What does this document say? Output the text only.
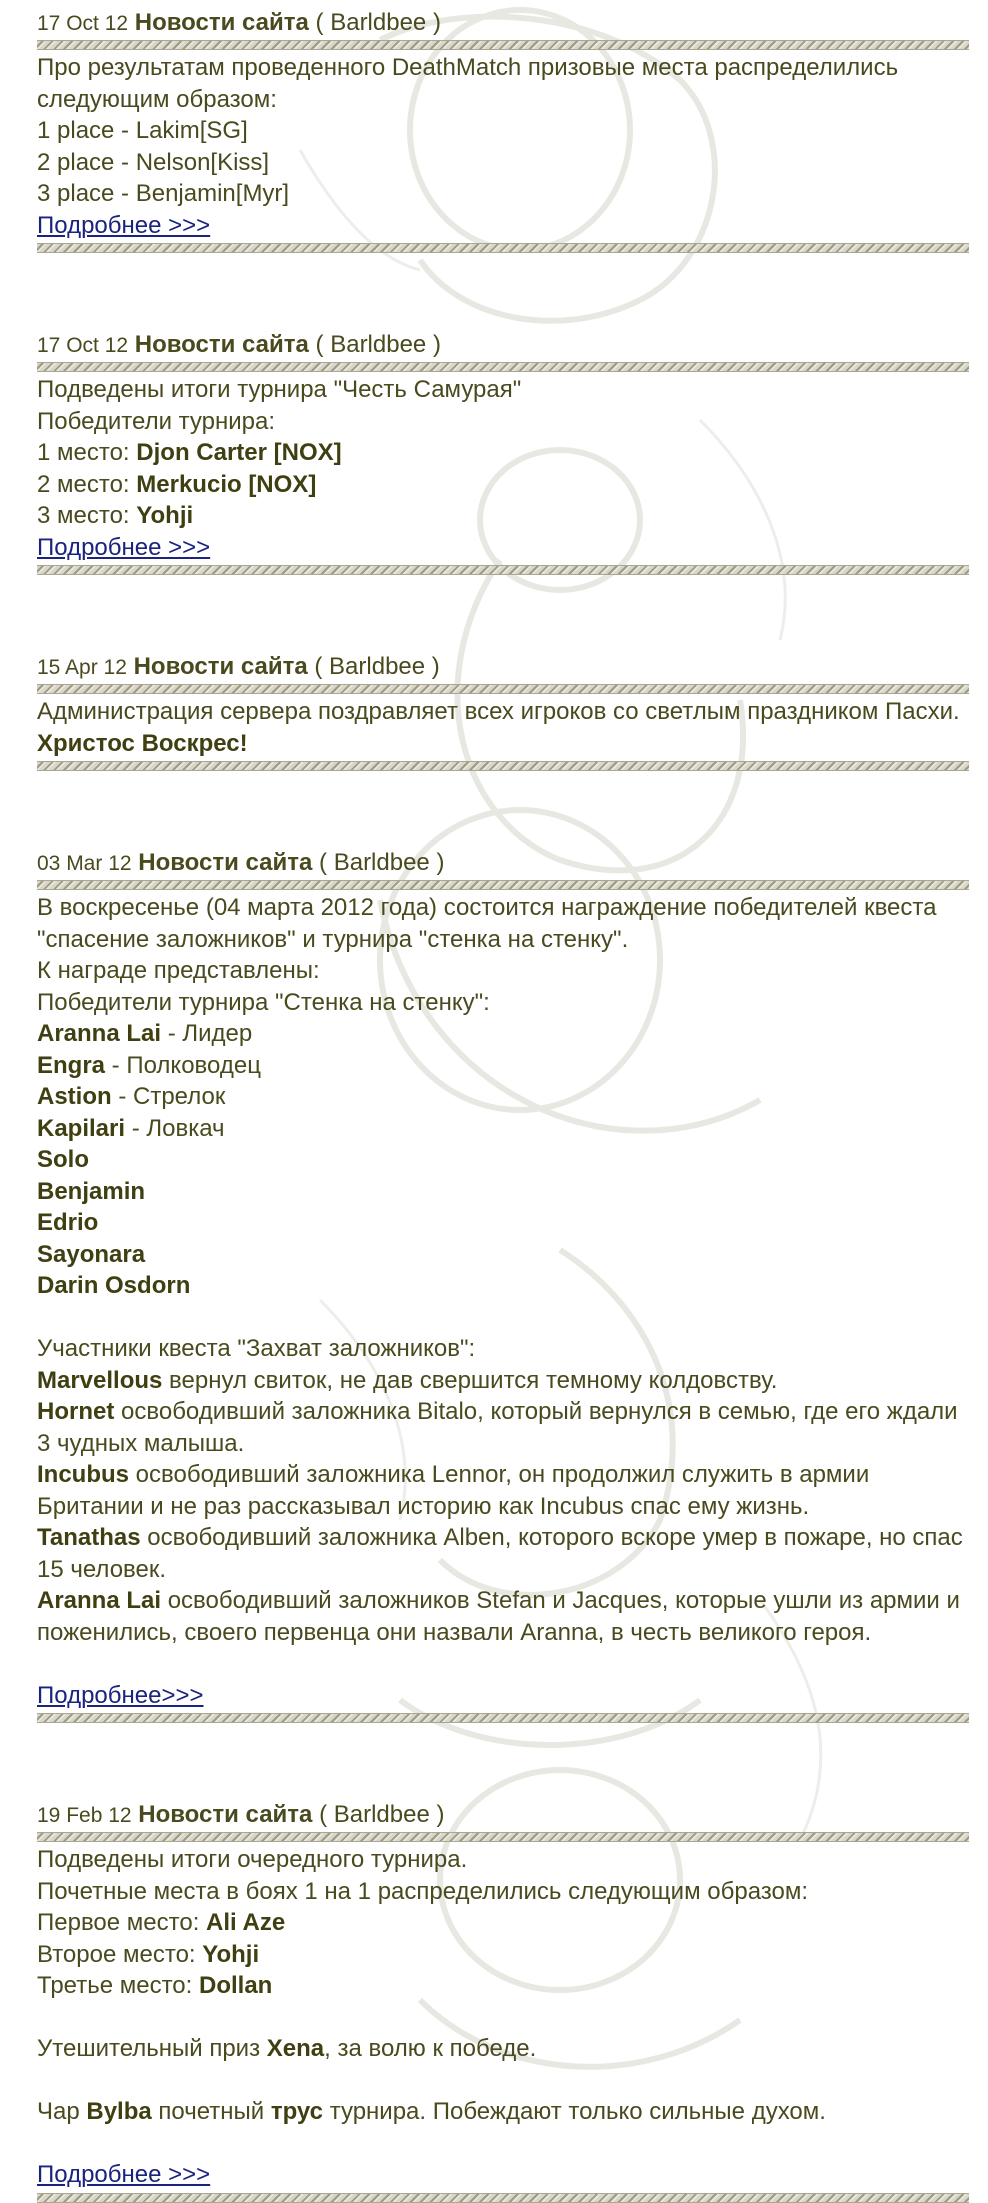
17 Oct 12 Новости сайта ( Barldbee )
Про результатам проведенного DeathMatch призовые места распределились следующим образом:
1 place - Lakim[SG]
2 place - Nelson[Kiss]
3 place - Benjamin[Myr]
Подробнее >>>
17 Oct 12 Новости сайта ( Barldbee )
Подведены итоги турнира "Честь Самурая"
Победители турнира:
1 место: Djon Carter [NOX]
2 место: Merkucio [NOX]
3 место: Yohji
Подробнее >>>
15 Apr 12 Новости сайта ( Barldbee )
Администрация сервера поздравляет всех игроков со светлым праздником Пасхи.
Христос Воскрес!
03 Mar 12 Новости сайта ( Barldbee )
В воскресенье (04 марта 2012 года) состоится награждение победителей квеста "спасение заложников" и турнира "стенка на стенку".
К награде представлены:
Победители турнира "Стенка на стенку":
Aranna Lai - Лидер
Engra - Полководец
Astion - Стрелок
Kapilari - Ловкач
Solo
Benjamin
Edrio
Sayonara
Darin Osdorn
Участники квеста "Захват заложников":
Marvellous вернул свиток, не дав свершится темному колдовству.
Hornet освободивший заложника Bitalo, который вернулся в семью, где его ждали 3 чудных малыша.
Incubus освободивший заложника Lennor, он продолжил служить в армии Британии и не раз рассказывал историю как Incubus спас ему жизнь.
Tanathas освободивший заложника Alben, которого вскоре умер в пожаре, но спас 15 человек.
Aranna Lai освободивший заложников Stefan и Jacques, которые ушли из армии и поженились, своего первенца они назвали Aranna, в честь великого героя.
Подробнее>>>
19 Feb 12 Новости сайта ( Barldbee )
Подведены итоги очередного турнира.
Почетные места в боях 1 на 1 распределились следующим образом:
Первое место: Ali Aze
Второе место: Yohji
Третье место: Dollan
Утешительный приз Xena, за волю к победе.
Чар Bylba почетный трус турнира. Побеждают только сильные духом.
Подробнее >>>
